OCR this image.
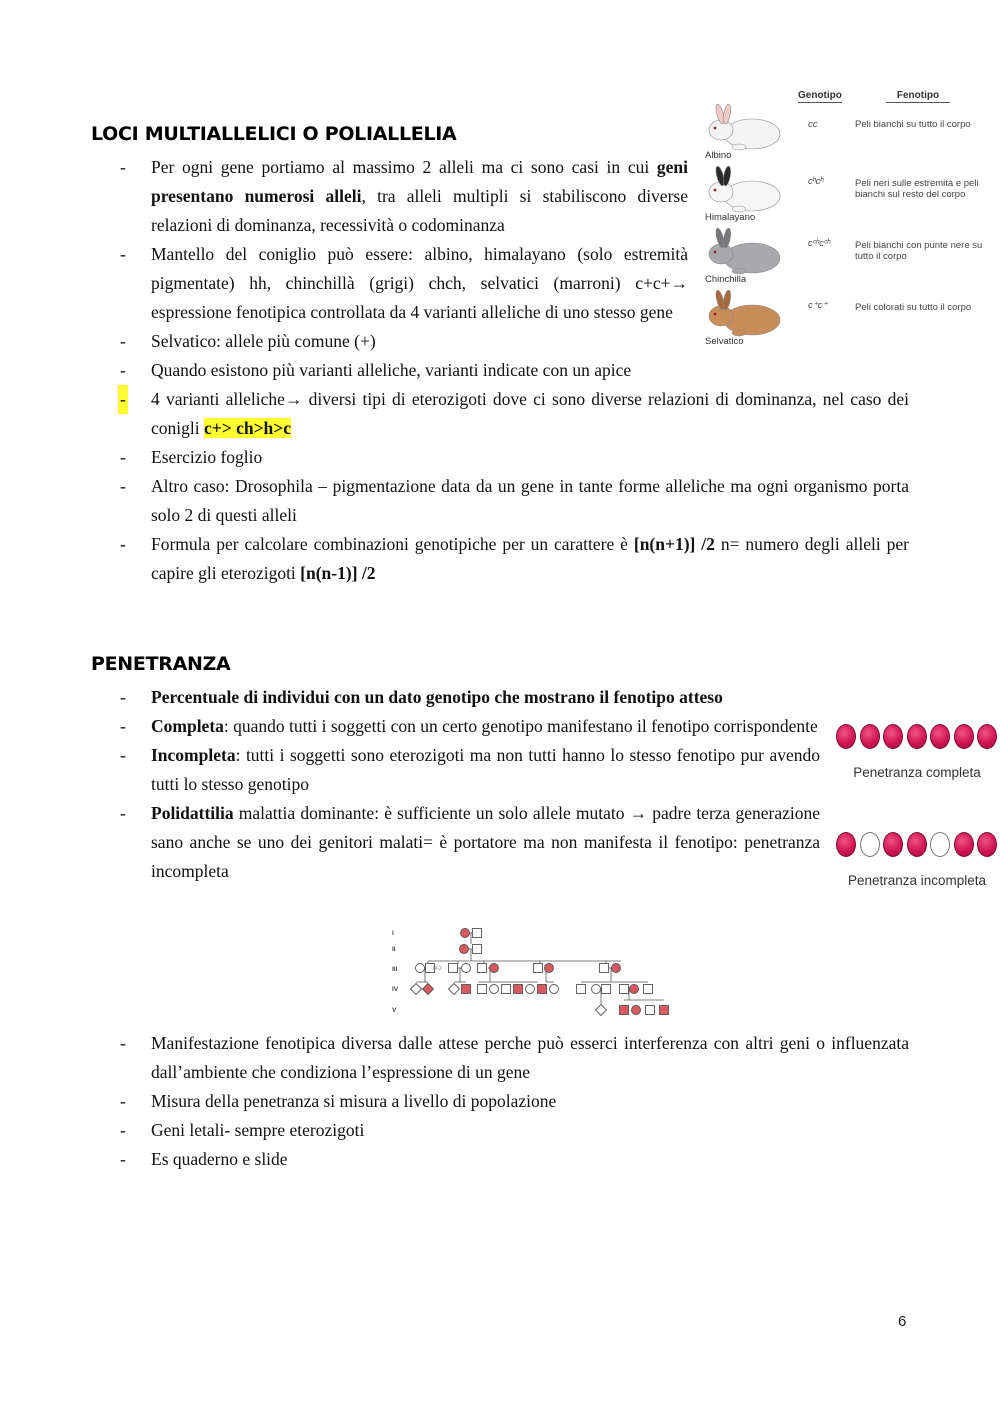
LOCI MULTIALLELICI O POLIALLELIA
- Per ogni gene portiamo al massimo 2 alleli ma ci sono casi in cui geni presentano numerosi alleli, tra alleli multipli si stabiliscono diverse relazioni di dominanza, recessività o codominanza
- Mantello del coniglio può essere: albino, himalayano (solo estremità pigmentate) hh, chinchillà (grigi) chch, selvatici (marroni) c+c+→ espressione fenotipica controllata da 4 varianti alleliche di uno stesso gene
- Selvatico: allele più comune (+)
- Quando esistono più varianti alleliche, varianti indicate con un apice
- 4 varianti alleliche→ diversi tipi di eterozigoti dove ci sono diverse relazioni di dominanza, nel caso dei conigli c+> ch>h>c
- Esercizio foglio
- Altro caso: Drosophila – pigmentazione data da un gene in tante forme alleliche ma ogni organismo porta solo 2 di questi alleli
- Formula per calcolare combinazioni genotipiche per un carattere è [n(n+1)] /2 n= numero degli alleli per capire gli eterozigoti [n(n-1)] /2
Genotipo	Fenotipo
Albino
cc	Peli bianchi su tutto il corpo
Himalayano
cʰcʰ	Peli neri sulle estremità e peli bianchi sul resto del corpo
Chinchilla
cᶜʰcᶜʰ	Peli bianchi con punte nere su tutto il corpo
Selvatico
c⁺c⁺	Peli colorati su tutto il corpo
PENETRANZA
- Percentuale di individui con un dato genotipo che mostrano il fenotipo atteso
- Completa: quando tutti i soggetti con un certo genotipo manifestano il fenotipo corrispondente
- Incompleta: tutti i soggetti sono eterozigoti ma non tutti hanno lo stesso fenotipo pur avendo tutti lo stesso genotipo
- Polidattilia malattia dominante: è sufficiente un solo allele mutato → padre terza generazione sano anche se uno dei genitori malati= è portatore ma non manifesta il fenotipo: penetranza incompleta
Penetranza completa
Penetranza incompleta
I
II
III
IV
V
III-2
- Manifestazione fenotipica diversa dalle attese perche può esserci interferenza con altri geni o influenzata dall’ambiente che condiziona l’espressione di un gene
- Misura della penetranza si misura a livello di popolazione
- Geni letali- sempre eterozigoti
- Es quaderno e slide
6
